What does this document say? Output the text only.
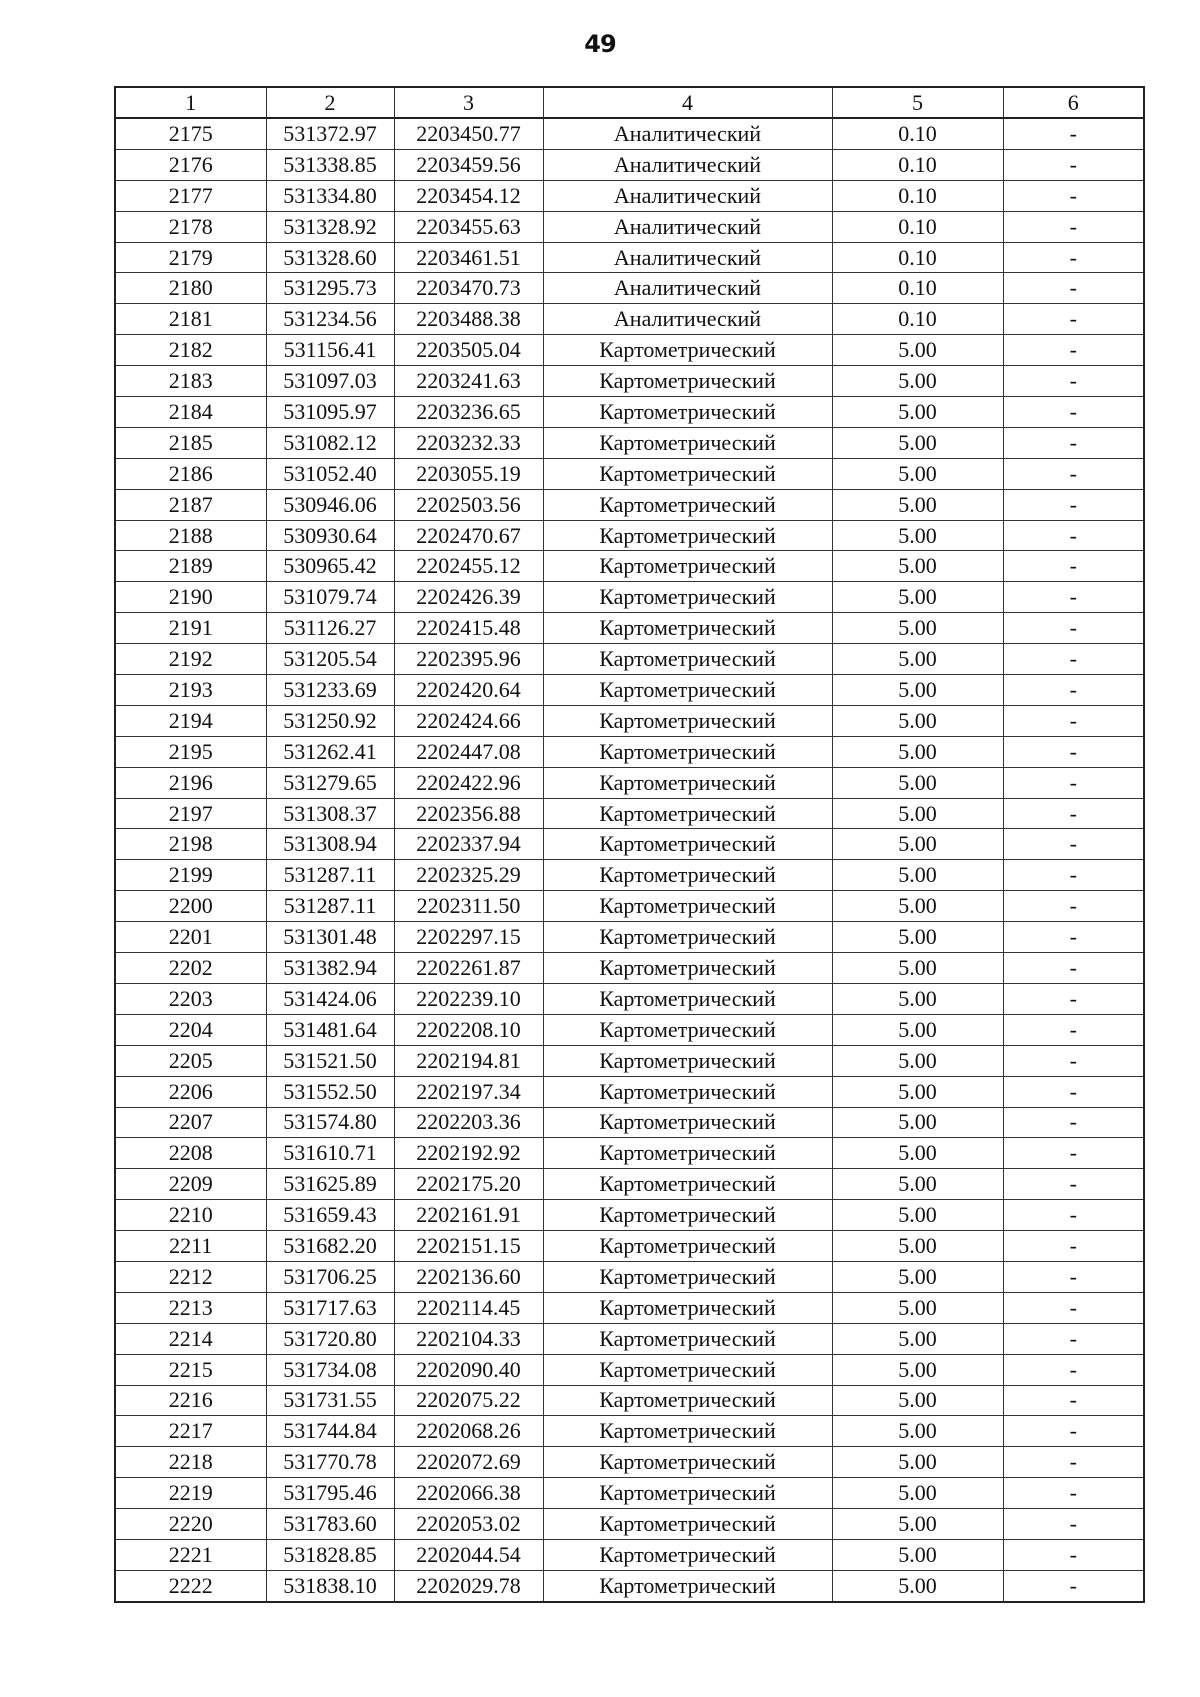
49
1	2	3	4	5	6
2175	531372.97	2203450.77	Аналитический	0.10	-
2176	531338.85	2203459.56	Аналитический	0.10	-
2177	531334.80	2203454.12	Аналитический	0.10	-
2178	531328.92	2203455.63	Аналитический	0.10	-
2179	531328.60	2203461.51	Аналитический	0.10	-
2180	531295.73	2203470.73	Аналитический	0.10	-
2181	531234.56	2203488.38	Аналитический	0.10	-
2182	531156.41	2203505.04	Картометрический	5.00	-
2183	531097.03	2203241.63	Картометрический	5.00	-
2184	531095.97	2203236.65	Картометрический	5.00	-
2185	531082.12	2203232.33	Картометрический	5.00	-
2186	531052.40	2203055.19	Картометрический	5.00	-
2187	530946.06	2202503.56	Картометрический	5.00	-
2188	530930.64	2202470.67	Картометрический	5.00	-
2189	530965.42	2202455.12	Картометрический	5.00	-
2190	531079.74	2202426.39	Картометрический	5.00	-
2191	531126.27	2202415.48	Картометрический	5.00	-
2192	531205.54	2202395.96	Картометрический	5.00	-
2193	531233.69	2202420.64	Картометрический	5.00	-
2194	531250.92	2202424.66	Картометрический	5.00	-
2195	531262.41	2202447.08	Картометрический	5.00	-
2196	531279.65	2202422.96	Картометрический	5.00	-
2197	531308.37	2202356.88	Картометрический	5.00	-
2198	531308.94	2202337.94	Картометрический	5.00	-
2199	531287.11	2202325.29	Картометрический	5.00	-
2200	531287.11	2202311.50	Картометрический	5.00	-
2201	531301.48	2202297.15	Картометрический	5.00	-
2202	531382.94	2202261.87	Картометрический	5.00	-
2203	531424.06	2202239.10	Картометрический	5.00	-
2204	531481.64	2202208.10	Картометрический	5.00	-
2205	531521.50	2202194.81	Картометрический	5.00	-
2206	531552.50	2202197.34	Картометрический	5.00	-
2207	531574.80	2202203.36	Картометрический	5.00	-
2208	531610.71	2202192.92	Картометрический	5.00	-
2209	531625.89	2202175.20	Картометрический	5.00	-
2210	531659.43	2202161.91	Картометрический	5.00	-
2211	531682.20	2202151.15	Картометрический	5.00	-
2212	531706.25	2202136.60	Картометрический	5.00	-
2213	531717.63	2202114.45	Картометрический	5.00	-
2214	531720.80	2202104.33	Картометрический	5.00	-
2215	531734.08	2202090.40	Картометрический	5.00	-
2216	531731.55	2202075.22	Картометрический	5.00	-
2217	531744.84	2202068.26	Картометрический	5.00	-
2218	531770.78	2202072.69	Картометрический	5.00	-
2219	531795.46	2202066.38	Картометрический	5.00	-
2220	531783.60	2202053.02	Картометрический	5.00	-
2221	531828.85	2202044.54	Картометрический	5.00	-
2222	531838.10	2202029.78	Картометрический	5.00	-
